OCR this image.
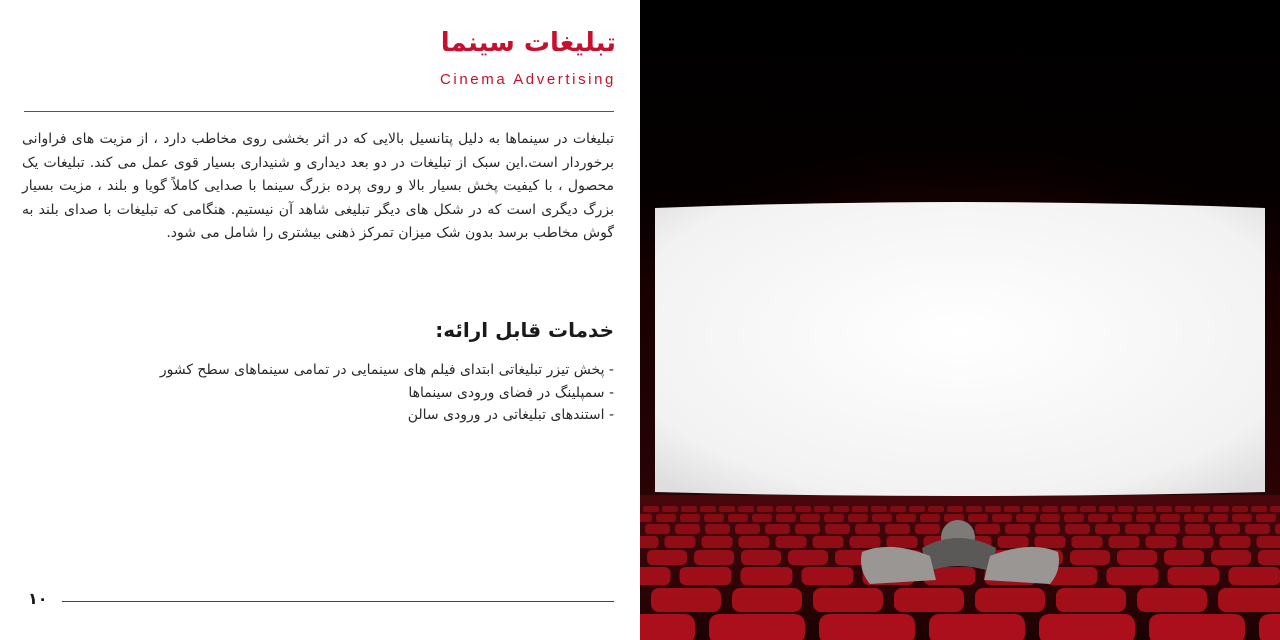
تبلیغات سینما
Cinema Advertising

تبلیغات در سینماها به دلیل پتانسیل بالایی که در اثر بخشی روی مخاطب دارد ، از مزیت های فراوانی برخوردار است.این سبک از تبلیغات در دو بعد دیداری و شنیداری بسیار قوی عمل می کند. تبلیغات یک محصول ، با کیفیت پخش بسیار بالا و روی پرده بزرگ سینما با صدایی کاملاً گویا و بلند ، مزیت بسیار بزرگ دیگری است که در شکل های دیگر تبلیغی شاهد آن نیستیم. هنگامی که تبلیغات با صدای بلند به گوش مخاطب برسد بدون شک میزان تمرکز ذهنی بیشتری را شامل می شود.

خدمات قابل ارائه:
- پخش تیزر تبلیغاتی ابتدای فیلم های سینمایی در تمامی سینماهای سطح کشور
- سمپلینگ در فضای ورودی سینماها
- استندهای تبلیغاتی در ورودی سالن
۱۰
